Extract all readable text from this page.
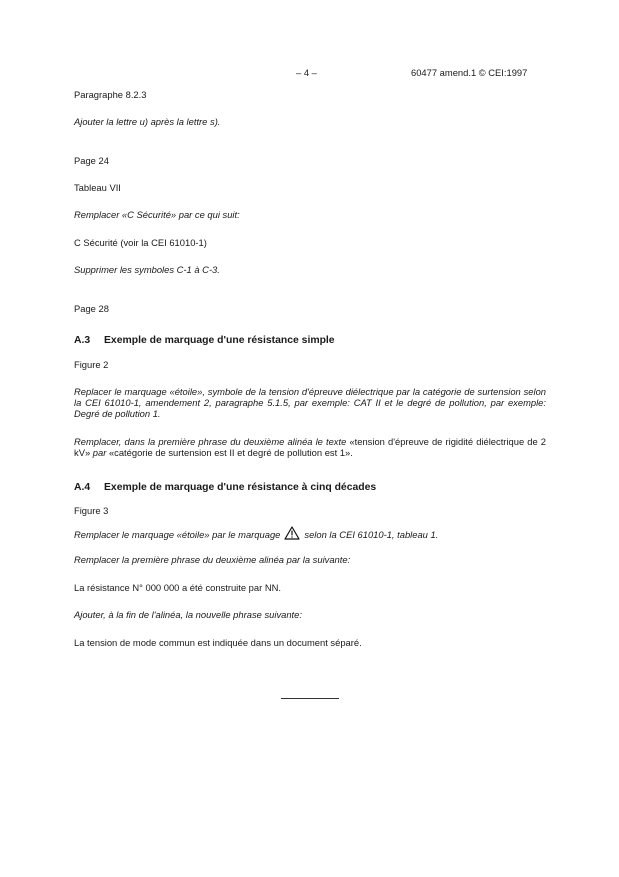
– 4 –	60477 amend.1 © CEI:1997

Paragraphe 8.2.3

Ajouter la lettre u) après la lettre s).

Page 24

Tableau VII

Remplacer «C Sécurité» par ce qui suit:

C Sécurité (voir la CEI 61010-1)

Supprimer les symboles C-1 à C-3.

Page 28

A.3 Exemple de marquage d'une résistance simple

Figure 2

Replacer le marquage «étoile», symbole de la tension d'épreuve diélectrique par la catégorie de surtension selon la CEI 61010-1, amendement 2, paragraphe 5.1.5, par exemple: CAT II et le degré de pollution, par exemple: Degré de pollution 1.

Remplacer, dans la première phrase du deuxième alinéa le texte «tension d'épreuve de rigidité diélectrique de 2 kV» par «catégorie de surtension est II et degré de pollution est 1».

A.4 Exemple de marquage d'une résistance à cinq décades

Figure 3

Remplacer le marquage «étoile» par le marquage	selon la CEI 61010-1, tableau 1.

Remplacer la première phrase du deuxième alinéa par la suivante:

La résistance N° 000 000 a été construite par NN.

Ajouter, à la fin de l'alinéa, la nouvelle phrase suivante:

La tension de mode commun est indiquée dans un document séparé.
